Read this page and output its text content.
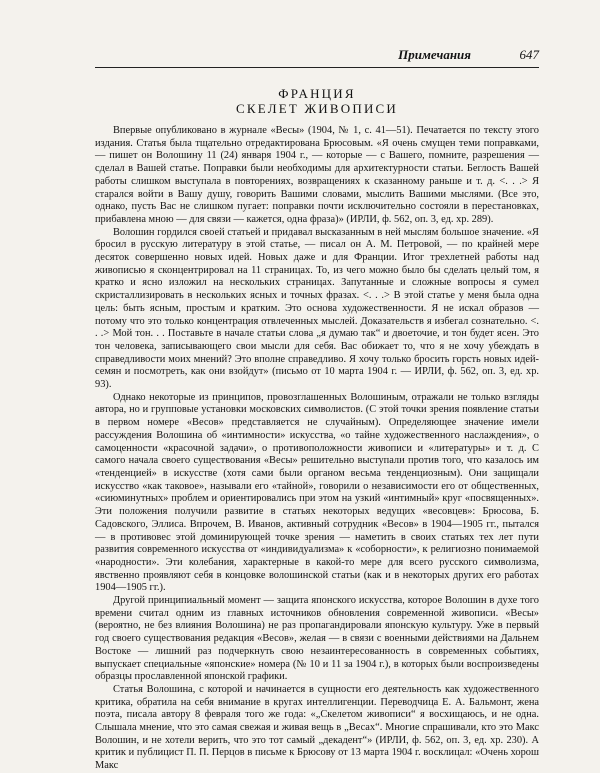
Примечания	647
ФРАНЦИЯ
СКЕЛЕТ ЖИВОПИСИ

Впервые опубликовано в журнале «Весы» (1904, № 1, с. 41—51). Печатается по тексту этого издания. Статья была тщательно отредактирована Брюсовым. «Я очень смущен теми поправками, — пишет он Волошину 11 (24) января 1904 г., — которые — с Вашего, помните, разрешения — сделал в Вашей статье. Поправки были необходимы для архитектурности статьи. Беглость Вашей работы слишком выступала в повторениях, возвращениях к сказанному раньше и т. д. <. . .> Я старался войти в Вашу душу, говорить Вашими словами, мыслить Вашими мыслями. (Все это, однако, пусть Вас не слишком пугает: поправки почти исключительно состояли в перестановках, прибавлена мною — для связи — кажется, одна фраза)» (ИРЛИ, ф. 562, оп. 3, ед. хр. 289).

Волошин гордился своей статьей и придавал высказанным в ней мыслям большое значение. «Я бросил в русскую литературу в этой статье, — писал он А. М. Петровой, — по крайней мере десяток совершенно новых идей. Новых даже и для Франции. Итог трехлетней работы над живописью я сконцентрировал на 11 страницах. То, из чего можно было бы сделать целый том, я кратко и ясно изложил на нескольких страницах. Запутанные и сложные вопросы я сумел скристаллизировать в нескольких ясных и точных фразах. <. . .> В этой статье у меня была одна цель: быть ясным, простым и кратким. Это основа художественности. Я не искал образов — потому что это только концентрация отвлеченных мыслей. Доказательств я избегал сознательно. <. . .> Мой тон. . . Поставьте в начале статьи слова „я думаю так“ и двоеточие, и тон будет ясен. Это тон человека, записывающего свои мысли для себя. Вас обижает то, что я не хочу убеждать в справедливости моих мнений? Это вполне справедливо. Я хочу только бросить горсть новых идей-семян и посмотреть, как они взойдут» (письмо от 10 марта 1904 г. — ИРЛИ, ф. 562, оп. 3, ед. хр. 93).

Однако некоторые из принципов, провозглашенных Волошиным, отражали не только взгляды автора, но и групповые установки московских символистов. (С этой точки зрения появление статьи в первом номере «Весов» представляется не случайным). Определяющее значение имели рассуждения Волошина об «интимности» искусства, «о тайне художественного наслаждения», о самоценности «красочной задачи», о противоположности живописи и «литературы» и т. д. С самого начала своего существования «Весы» решительно выступали против того, что казалось им «тенденцией» в искусстве (хотя сами были органом весьма тенденциозным). Они защищали искусство «как таковое», называли его «тайной», говорили о независимости его от общественных, «сиюминутных» проблем и ориентировались при этом на узкий «интимный» круг «посвященных». Эти положения получили развитие в статьях некоторых ведущих «весовцев»: Брюсова, Б. Садовского, Эллиса. Впрочем, В. Иванов, активный сотрудник «Весов» в 1904—1905 гг., пытался — в противовес этой доминирующей точке зрения — наметить в своих статьях тех лет пути развития современного искусства от «индивидуализма» к «соборности», к религиозно понимаемой «народности». Эти колебания, характерные в какой-то мере для всего русского символизма, явственно проявляют себя в концовке волошинской статьи (как и в некоторых других его работах 1904—1905 гг.).

Другой принципиальный момент — защита японского искусства, которое Волошин в духе того времени считал одним из главных источников обновления современной живописи. «Весы» (вероятно, не без влияния Волошина) не раз пропагандировали японскую культуру. Уже в первый год своего существования редакция «Весов», желая — в связи с военными действиями на Дальнем Востоке — лишний раз подчеркнуть свою незаинтересованность в современных событиях, выпускает специальные «японские» номера (№ 10 и 11 за 1904 г.), в которых были воспроизведены образцы прославленной японской графики.

Статья Волошина, с которой и начинается в сущности его деятельность как художественного критика, обратила на себя внимание в кругах интеллигенции. Переводчица Е. А. Бальмонт, жена поэта, писала автору 8 февраля того же года: «„Скелетом живописи“ я восхищаюсь, и не одна. Слышала мнение, что это самая свежая и живая вещь в „Весах“. Многие спрашивали, кто это Макс Волошин, и не хотели верить, что это тот самый „декадент“» (ИРЛИ, ф. 562, оп. 3, ед. хр. 230). А критик и публицист П. П. Перцов в письме к Брюсову от 13 марта 1904 г. восклицал: «Очень хорош Макс
